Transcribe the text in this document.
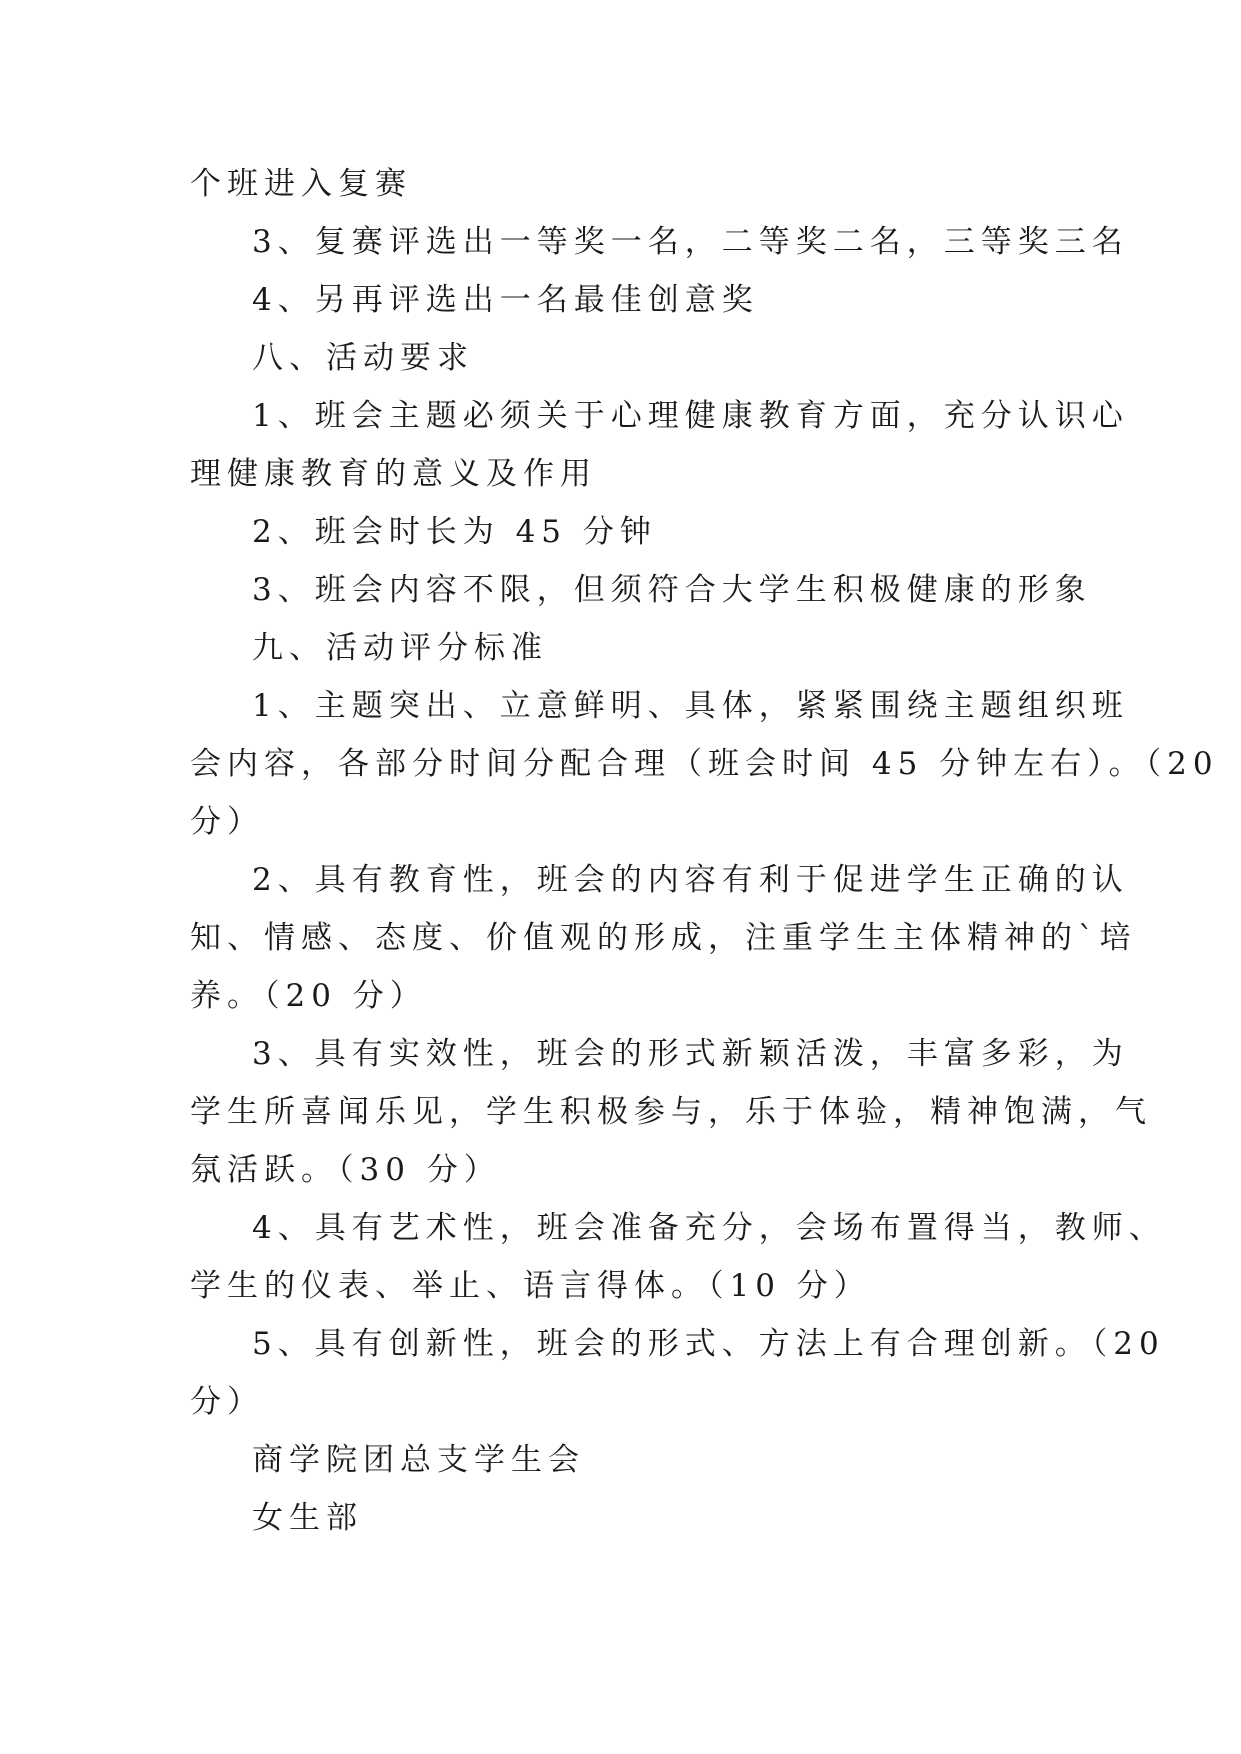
个班进入复赛
3、复赛评选出一等奖一名，二等奖二名，三等奖三名
4、另再评选出一名最佳创意奖
八、活动要求
1、班会主题必须关于心理健康教育方面，充分认识心
理健康教育的意义及作用
2、班会时长为 45 分钟
3、班会内容不限，但须符合大学生积极健康的形象
九、活动评分标准
1、主题突出、立意鲜明、具体，紧紧围绕主题组织班
会内容，各部分时间分配合理（班会时间 45 分钟左右）。（20
分）
2、具有教育性，班会的内容有利于促进学生正确的认
知、情感、态度、价值观的形成，注重学生主体精神的`培
养。（20 分）
3、具有实效性，班会的形式新颖活泼，丰富多彩，为
学生所喜闻乐见，学生积极参与，乐于体验，精神饱满，气
氛活跃。（30 分）
4、具有艺术性，班会准备充分，会场布置得当，教师、
学生的仪表、举止、语言得体。（10 分）
5、具有创新性，班会的形式、方法上有合理创新。（20
分）
商学院团总支学生会
女生部
